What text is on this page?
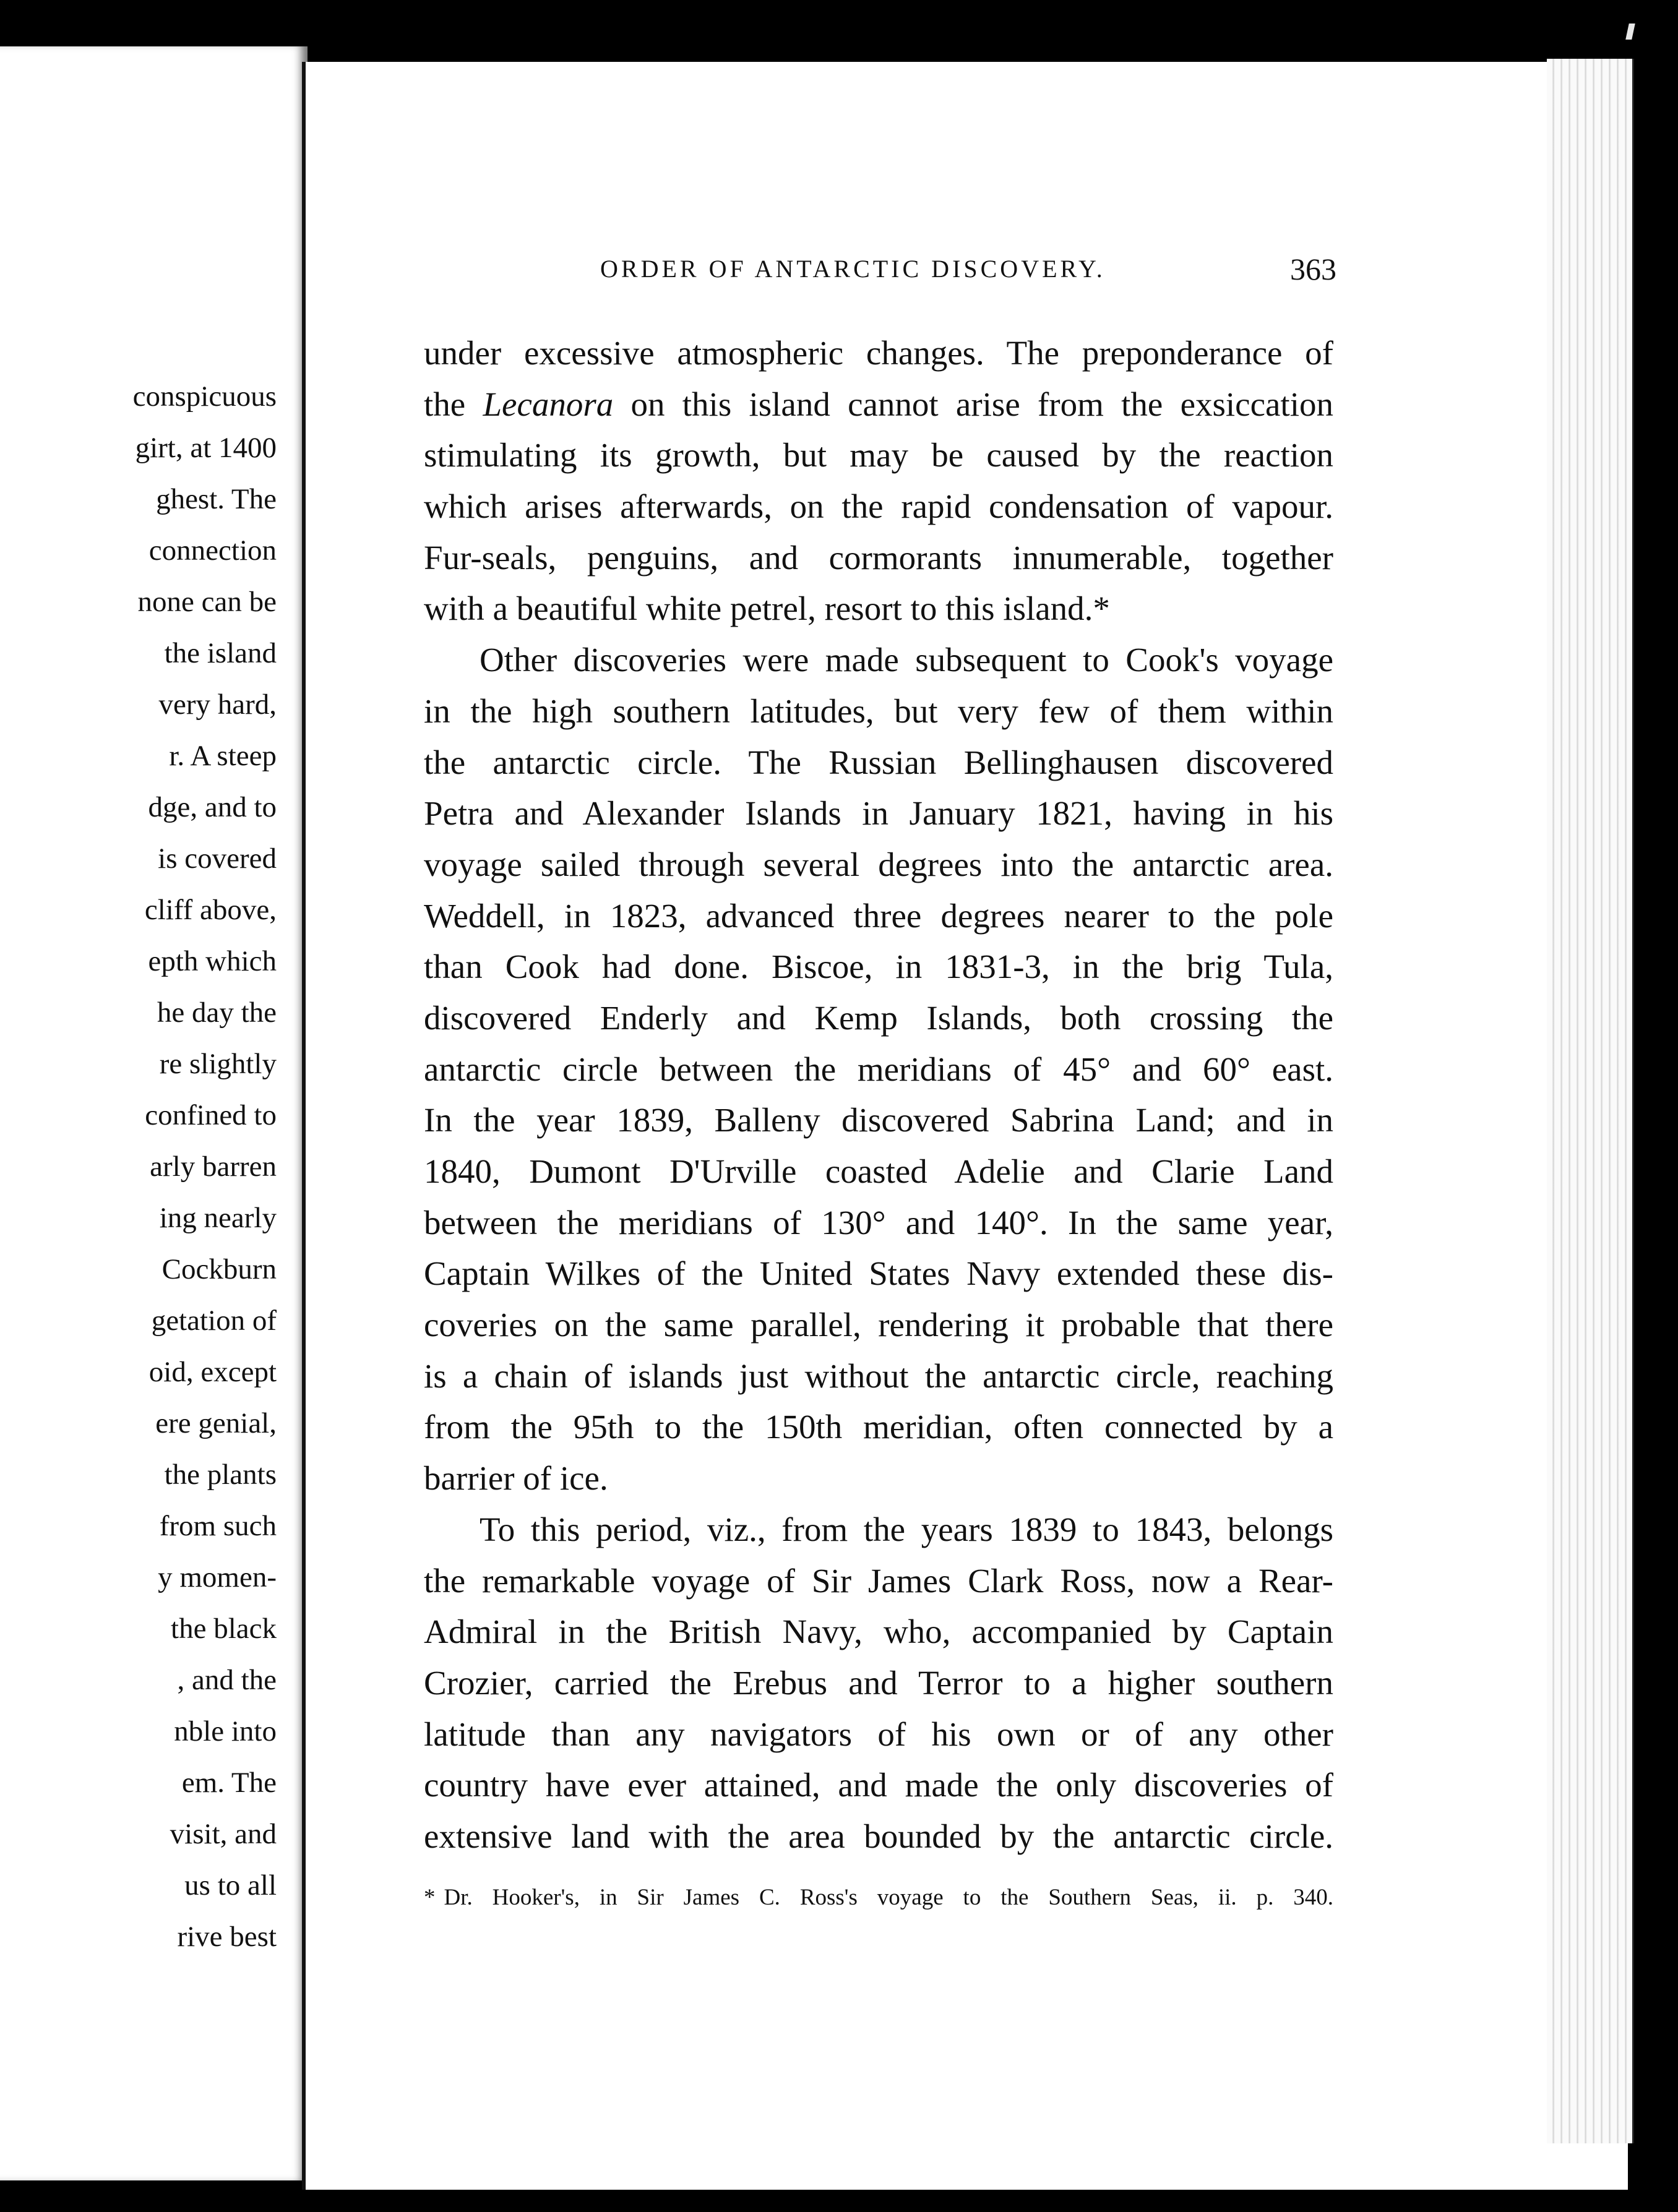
conspicuous
girt, at 1400
ghest. The
connection
none can be
the island
very hard,
r. A steep
dge, and to
is covered
cliff above,
epth which
he day the
re slightly
confined to
arly barren
ing nearly
Cockburn
getation of
oid, except
ere genial,
the plants
from such
y momen-
the black
, and the
nble into
em. The
visit, and
us to all
rive best
ORDER OF ANTARCTIC DISCOVERY.	363
under excessive atmospheric changes. The preponderance of
the Lecanora on this island cannot arise from the exsiccation
stimulating its growth, but may be caused by the reaction
which arises afterwards, on the rapid condensation of vapour.
Fur-seals, penguins, and cormorants innumerable, together
with a beautiful white petrel, resort to this island.*
Other discoveries were made subsequent to Cook's voyage
in the high southern latitudes, but very few of them within
the antarctic circle. The Russian Bellinghausen discovered
Petra and Alexander Islands in January 1821, having in his
voyage sailed through several degrees into the antarctic area.
Weddell, in 1823, advanced three degrees nearer to the pole
than Cook had done. Biscoe, in 1831-3, in the brig Tula,
discovered Enderly and Kemp Islands, both crossing the
antarctic circle between the meridians of 45° and 60° east.
In the year 1839, Balleny discovered Sabrina Land; and in
1840, Dumont D'Urville coasted Adelie and Clarie Land
between the meridians of 130° and 140°. In the same year,
Captain Wilkes of the United States Navy extended these dis-
coveries on the same parallel, rendering it probable that there
is a chain of islands just without the antarctic circle, reaching
from the 95th to the 150th meridian, often connected by a
barrier of ice.
To this period, viz., from the years 1839 to 1843, belongs
the remarkable voyage of Sir James Clark Ross, now a Rear-
Admiral in the British Navy, who, accompanied by Captain
Crozier, carried the Erebus and Terror to a higher southern
latitude than any navigators of his own or of any other
country have ever attained, and made the only discoveries of
extensive land with the area bounded by the antarctic circle.

* Dr. Hooker's, in Sir James C. Ross's voyage to the Southern Seas, ii. p. 340.
